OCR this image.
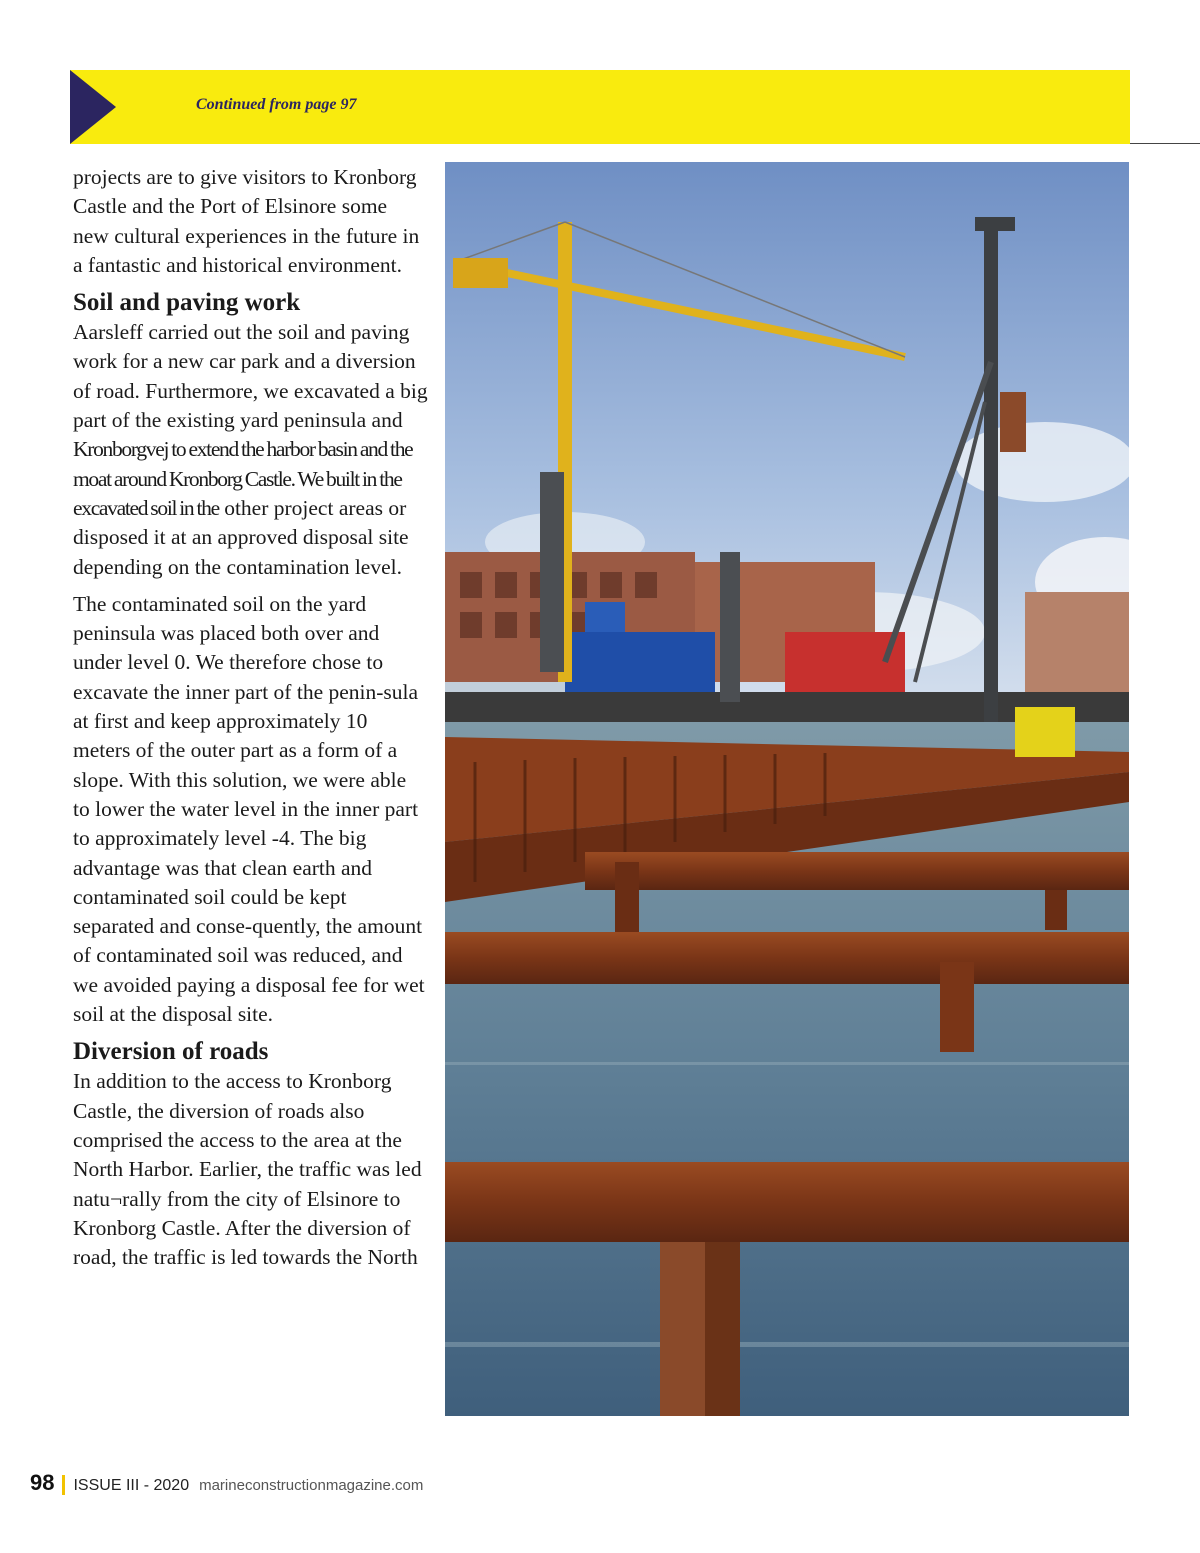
Continued from page 97

projects are to give visitors to Kronborg Castle and the Port of Elsinore some new cultural experiences in the future in a fantastic and historical environment.

Soil and paving work

Aarsleff carried out the soil and paving work for a new car park and a diversion of road. Furthermore, we excavated a big part of the existing yard peninsula and Kronborgvej to extend the harbor basin and the moat around Kronborg Castle. We built in the excavated soil in the other project areas or disposed it at an approved disposal site depending on the contamination level.

The contaminated soil on the yard peninsula was placed both over and under level 0. We therefore chose to excavate the inner part of the penin-sula at first and keep approximately 10 meters of the outer part as a form of a slope. With this solution, we were able to lower the water level in the inner part to approximately level -4. The big advantage was that clean earth and contaminated soil could be kept separated and conse-quently, the amount of contaminated soil was reduced, and we avoided paying a disposal fee for wet soil at the disposal site.

Diversion of roads

In addition to the access to Kronborg Castle, the diversion of roads also comprised the access to the area at the North Harbor. Earlier, the traffic was led natu¬rally from the city of Elsinore to Kronborg Castle. After the diversion of road, the traffic is led towards the North

98 ISSUE III - 2020 marineconstructionmagazine.com
